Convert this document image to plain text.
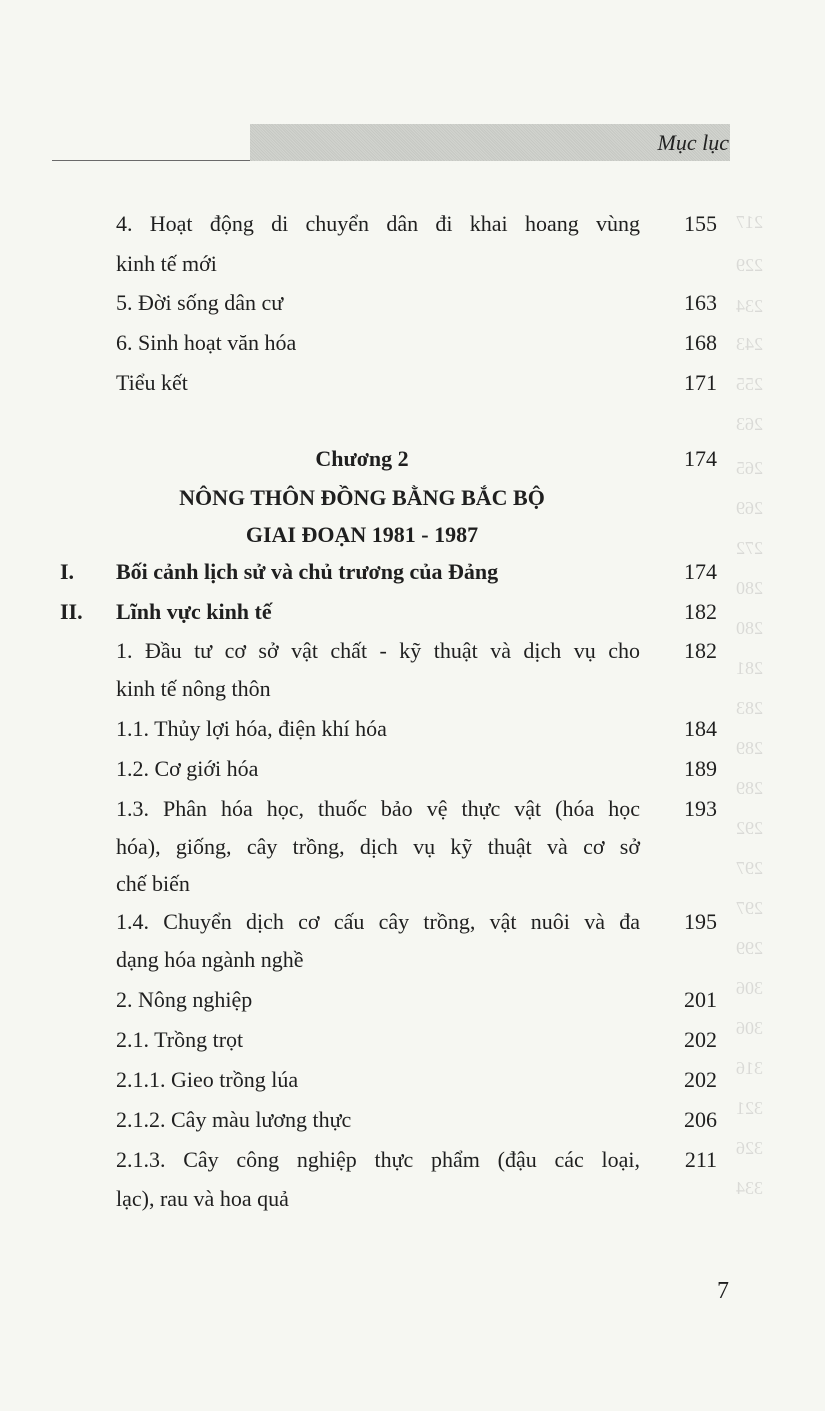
217
229
234
243
255
263
265
269
272
280
280
281
283
289
289
292
297
297
299
306
306
316
321
326
334
Mục lục
4. Hoạt động di chuyển dân đi khai hoang vùng 155
kinh tế mới
5. Đời sống dân cư	163
6. Sinh hoạt văn hóa	168
Tiểu kết	171
Chương 2	174
NÔNG THÔN ĐỒNG BẰNG BẮC BỘ
GIAI ĐOẠN 1981 - 1987
I. Bối cảnh lịch sử và chủ trương của Đảng	174
II. Lĩnh vực kinh tế	182
1. Đầu tư cơ sở vật chất - kỹ thuật và dịch vụ cho 182
kinh tế nông thôn
1.1. Thủy lợi hóa, điện khí hóa	184
1.2. Cơ giới hóa	189
1.3. Phân hóa học, thuốc bảo vệ thực vật (hóa học 193
hóa), giống, cây trồng, dịch vụ kỹ thuật và cơ sở
chế biến
1.4. Chuyển dịch cơ cấu cây trồng, vật nuôi và đa 195
dạng hóa ngành nghề
2. Nông nghiệp	201
2.1. Trồng trọt	202
2.1.1. Gieo trồng lúa	202
2.1.2. Cây màu lương thực	206
2.1.3. Cây công nghiệp thực phẩm (đậu các loại, 211
lạc), rau và hoa quả
7
